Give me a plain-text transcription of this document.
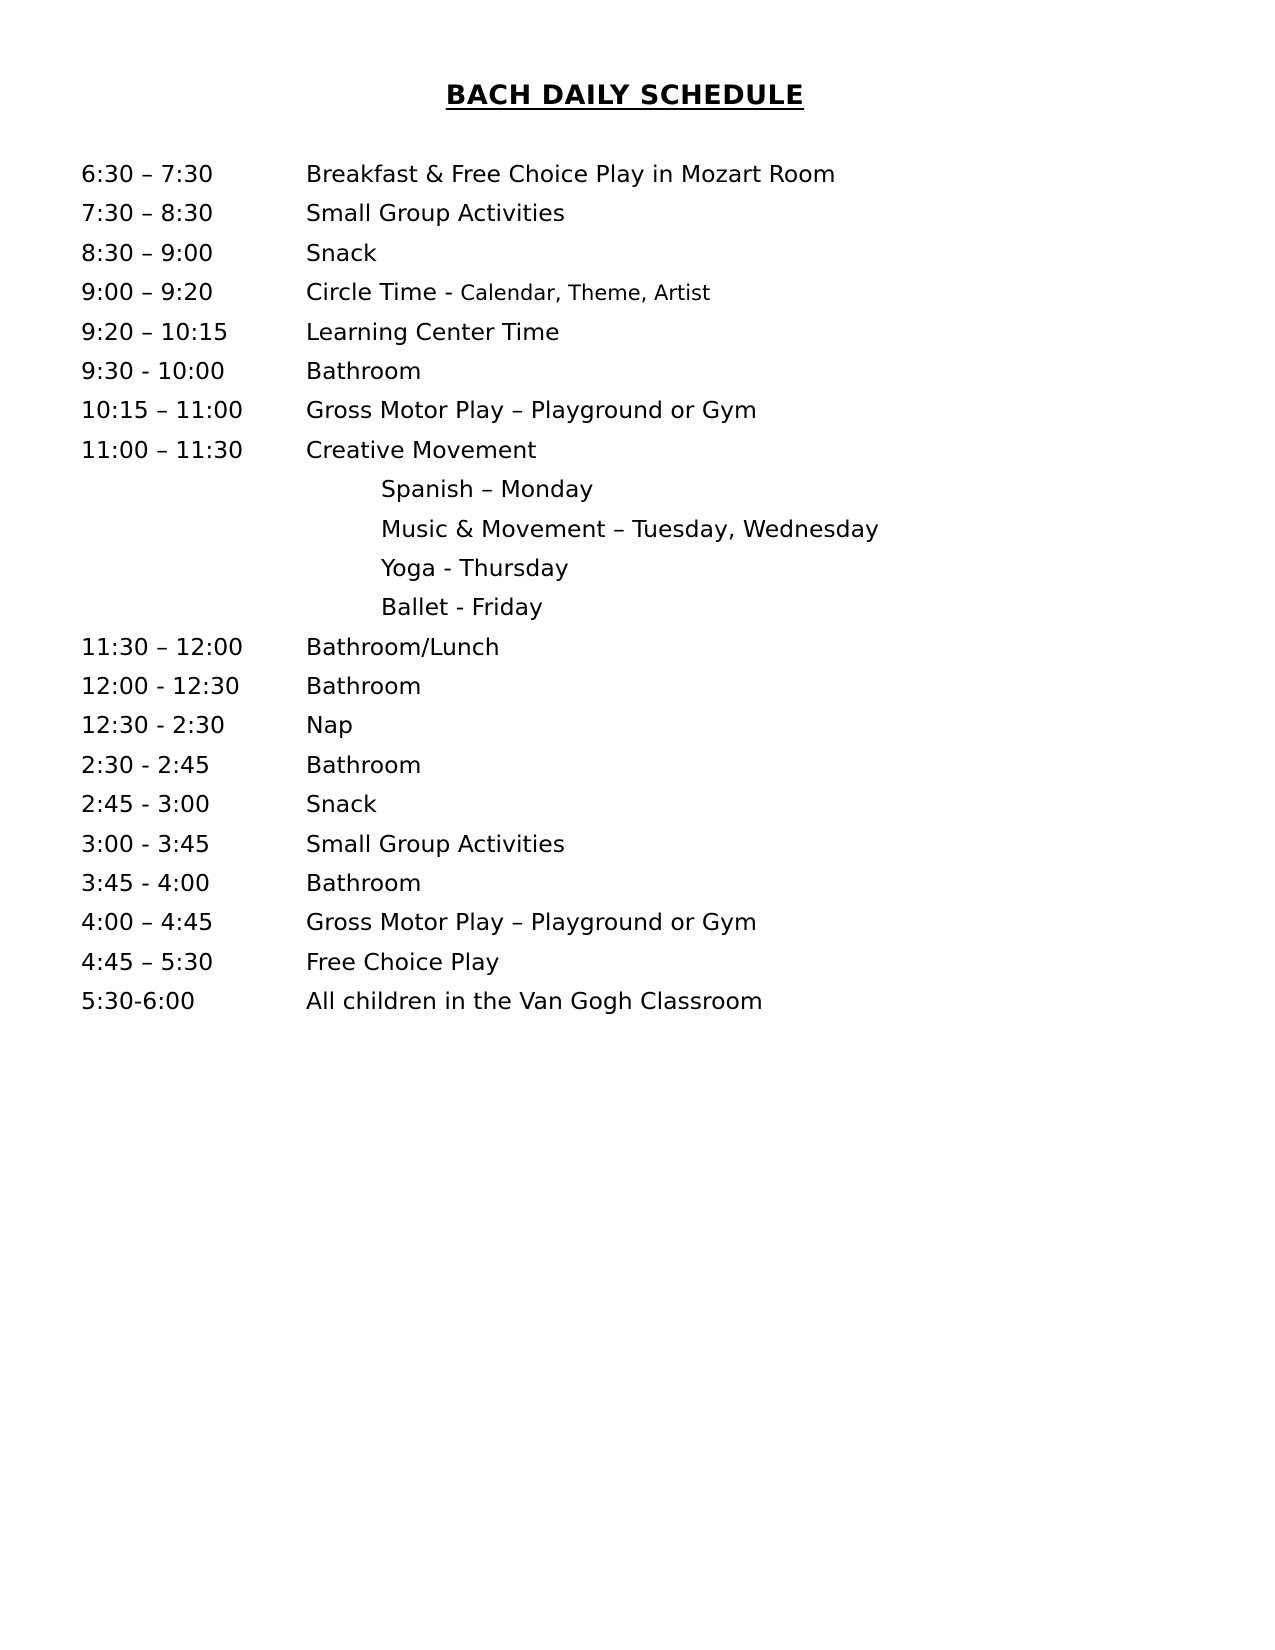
BACH DAILY SCHEDULE
6:30 – 7:30	Breakfast & Free Choice Play in Mozart Room
7:30 – 8:30	Small Group Activities
8:30 – 9:00	Snack
9:00 – 9:20	Circle Time - Calendar, Theme, Artist
9:20 – 10:15	Learning Center Time
9:30 - 10:00	Bathroom
10:15 – 11:00	Gross Motor Play – Playground or Gym
11:00 – 11:30	Creative Movement
Spanish – Monday
Music & Movement – Tuesday, Wednesday
Yoga - Thursday
Ballet - Friday
11:30 – 12:00	Bathroom/Lunch
12:00 - 12:30	Bathroom
12:30 - 2:30	Nap
2:30 - 2:45	Bathroom
2:45 - 3:00	Snack
3:00 - 3:45	Small Group Activities
3:45 - 4:00	Bathroom
4:00 – 4:45	Gross Motor Play – Playground or Gym
4:45 – 5:30	Free Choice Play
5:30-6:00	All children in the Van Gogh Classroom
